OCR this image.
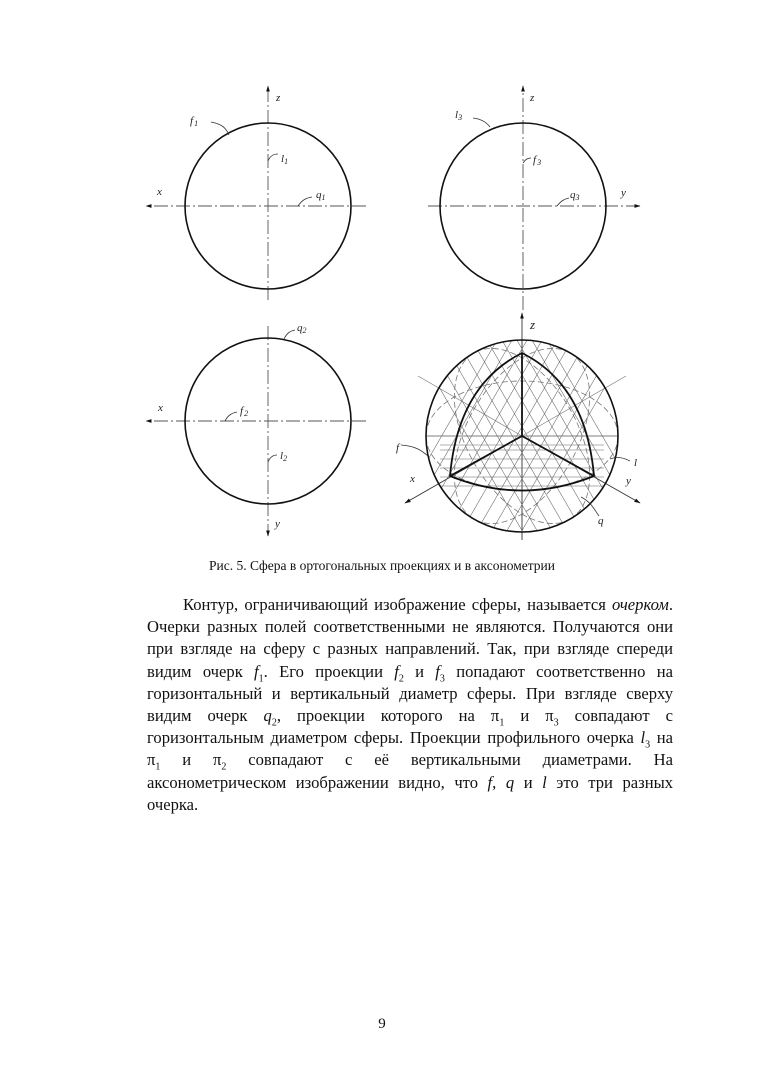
z
x
f1
l1
q1
z
y
l3
f3
q3
x
y
q2
f2
l2
z
x	y
f
l
q
Рис. 5. Сфера в ортогональных проекциях и в аксонометрии

Контур, ограничивающий изображение сферы, называется очерком. Очерки разных полей соответственными не являются. Получаются они при взгляде на сферу с разных направлений. Так, при взгляде спереди видим очерк $f_1$. Его проекции $f_2$ и $f_3$ попадают соответственно на горизонтальный и вертикальный диаметр сферы. При взгляде сверху видим очерк $q_2$, проекции которого на $\pi_1$ и $\pi_3$ совпадают с горизонтальным диаметром сферы. Проекции профильного очерка $l_3$ на $\pi_1$ и $\pi_2$ совпадают с её вертикальными диаметрами. На аксонометрическом изображении видно, что f, q и l это три разных очерка.

9
